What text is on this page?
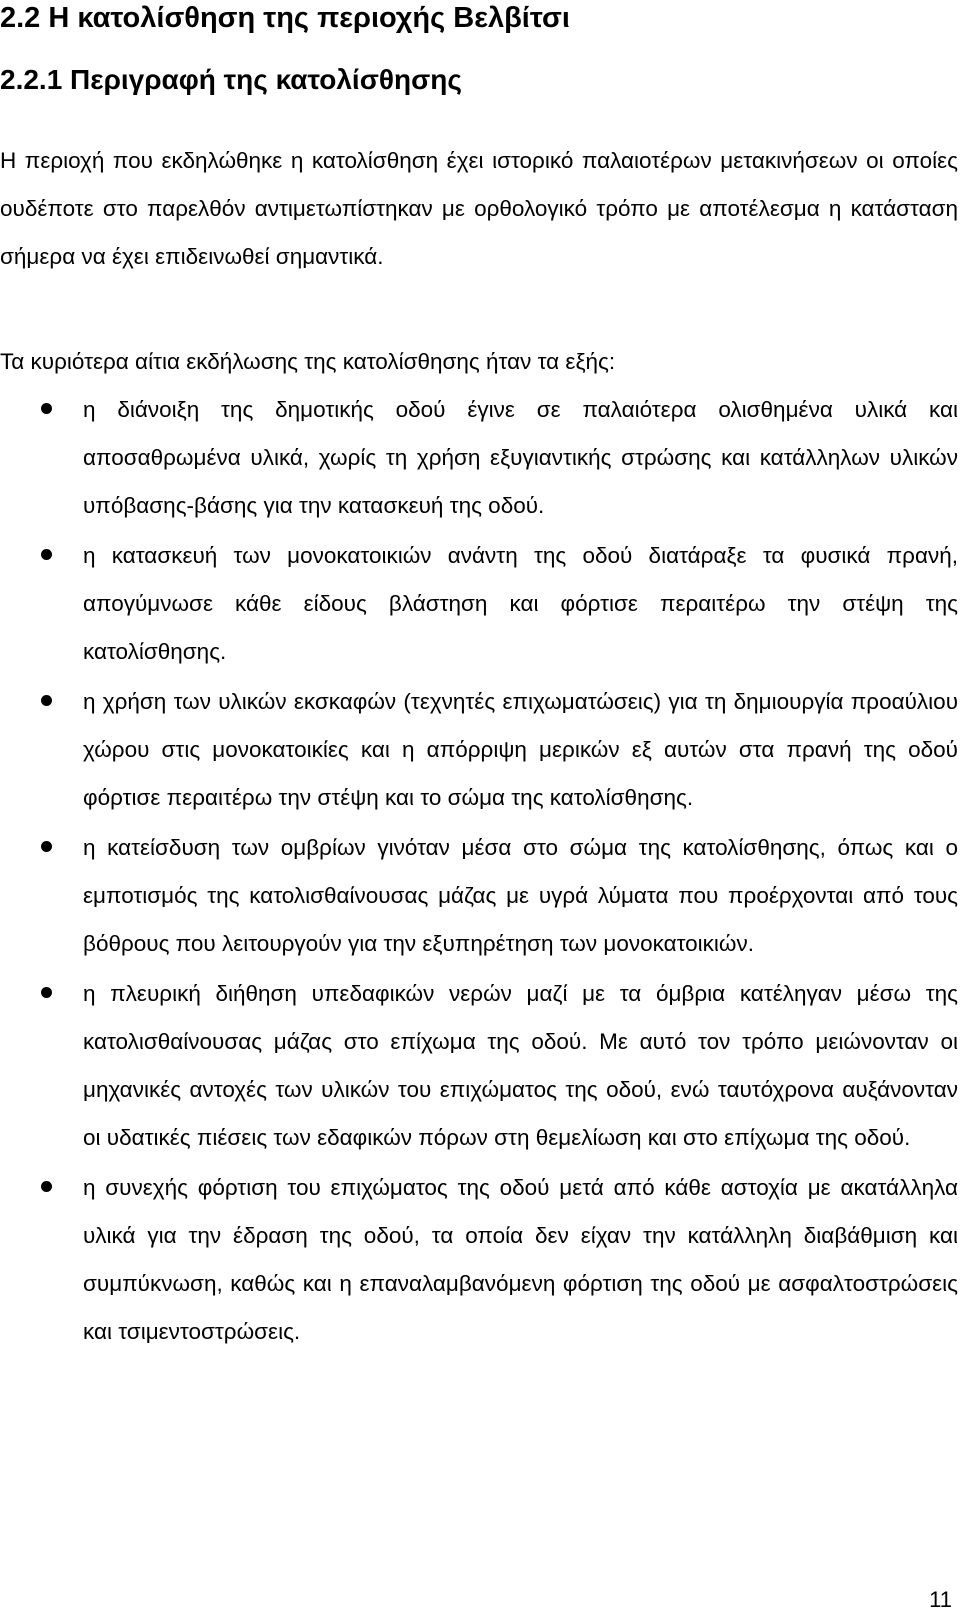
2.2 Η κατολίσθηση της περιοχής Βελβίτσι
2.2.1 Περιγραφή της κατολίσθησης

Η περιοχή που εκδηλώθηκε η κατολίσθηση έχει ιστορικό παλαιοτέρων μετακινήσεων οι οποίες ουδέποτε στο παρελθόν αντιμετωπίστηκαν με ορθολογικό τρόπο με αποτέλεσμα η κατάσταση σήμερα να έχει επιδεινωθεί σημαντικά.

Τα κυριότερα αίτια εκδήλωσης της κατολίσθησης ήταν τα εξής:

η διάνοιξη της δημοτικής οδού έγινε σε παλαιότερα ολισθημένα υλικά και αποσαθρωμένα υλικά, χωρίς τη χρήση εξυγιαντικής στρώσης και κατάλληλων υλικών υπόβασης-βάσης για την κατασκευή της οδού.
η κατασκευή των μονοκατοικιών ανάντη της οδού διατάραξε τα φυσικά πρανή, απογύμνωσε κάθε είδους βλάστηση και φόρτισε περαιτέρω την στέψη της κατολίσθησης.
η χρήση των υλικών εκσκαφών (τεχνητές επιχωματώσεις) για τη δημιουργία προαύλιου χώρου στις μονοκατοικίες και η απόρριψη μερικών εξ αυτών στα πρανή της οδού φόρτισε περαιτέρω την στέψη και το σώμα της κατολίσθησης.
η κατείσδυση των ομβρίων γινόταν μέσα στο σώμα της κατολίσθησης, όπως και ο εμποτισμός της κατολισθαίνουσας μάζας με υγρά λύματα που προέρχονται από τους βόθρους που λειτουργούν για την εξυπηρέτηση των μονοκατοικιών.
η πλευρική διήθηση υπεδαφικών νερών μαζί με τα όμβρια κατέληγαν μέσω της κατολισθαίνουσας μάζας στο επίχωμα της οδού. Με αυτό τον τρόπο μειώνονταν οι μηχανικές αντοχές των υλικών του επιχώματος της οδού, ενώ ταυτόχρονα αυξάνονταν οι υδατικές πιέσεις των εδαφικών πόρων στη θεμελίωση και στο επίχωμα της οδού.
η συνεχής φόρτιση του επιχώματος της οδού μετά από κάθε αστοχία με ακατάλληλα υλικά για την έδραση της οδού, τα οποία δεν είχαν την κατάλληλη διαβάθμιση και συμπύκνωση, καθώς και η επαναλαμβανόμενη φόρτιση της οδού με ασφαλτοστρώσεις και τσιμεντοστρώσεις.
11
